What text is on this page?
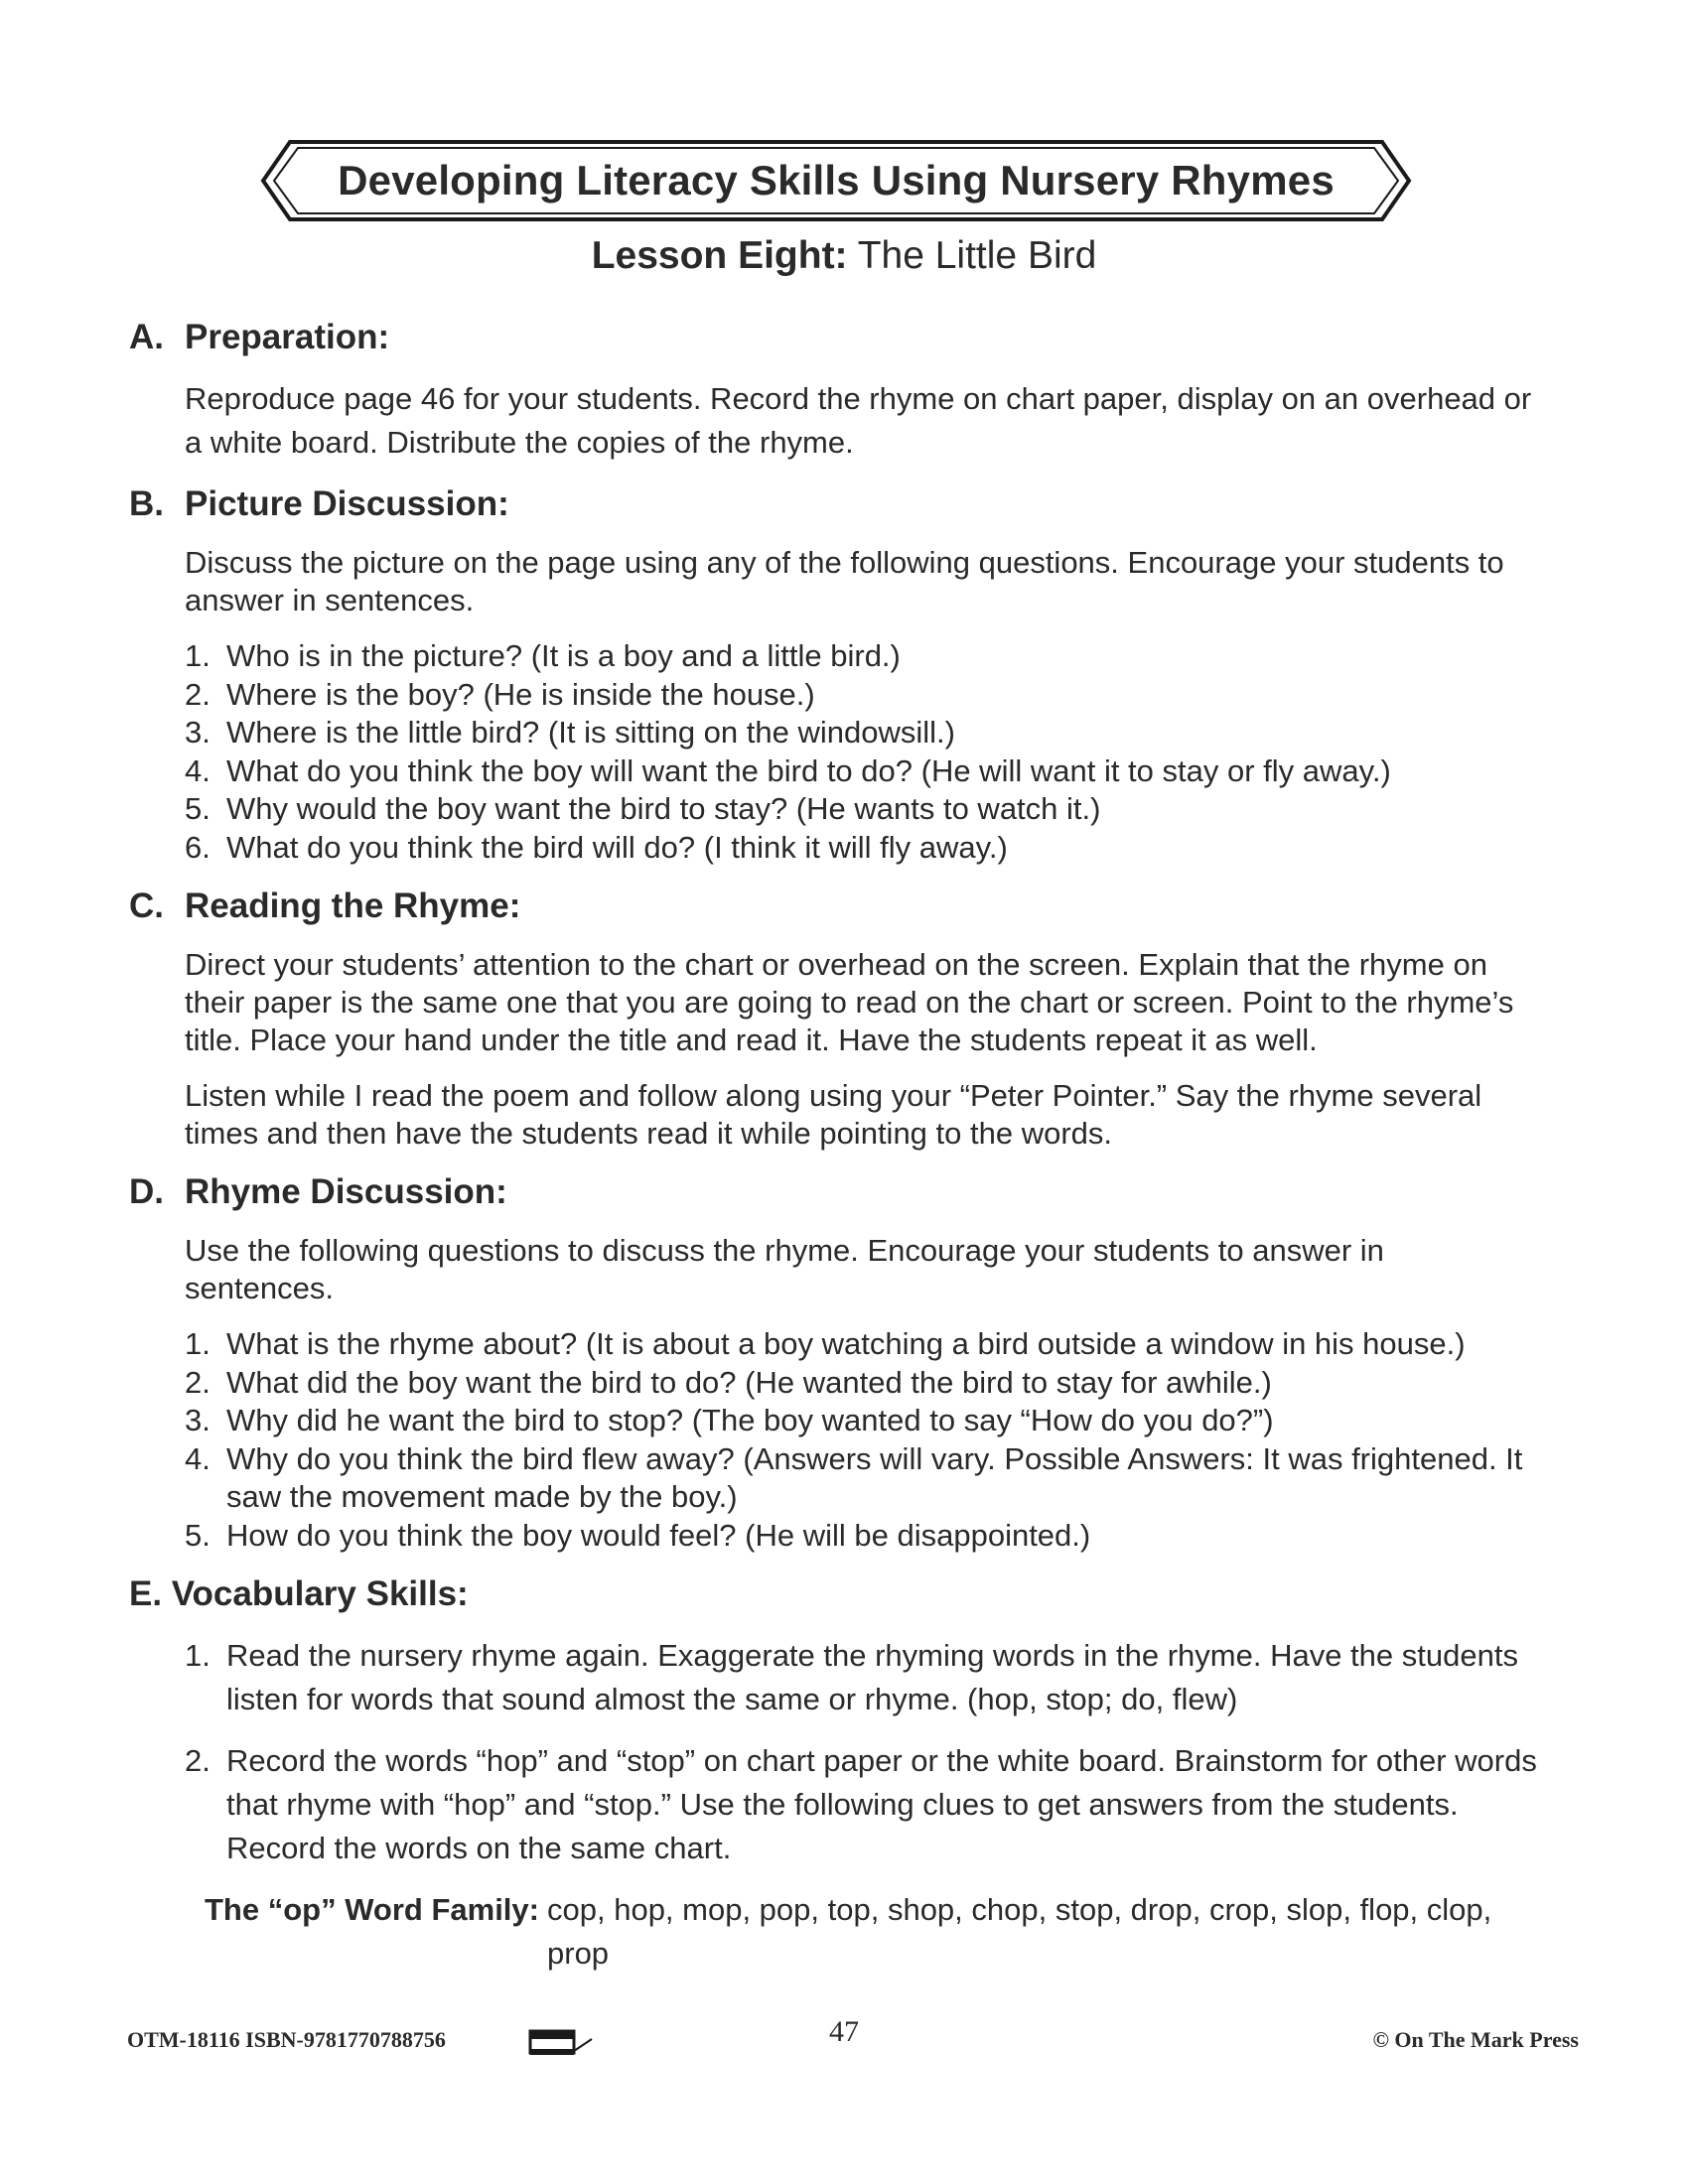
Developing Literacy Skills Using Nursery Rhymes
Lesson Eight: The Little Bird
A. Preparation:

Reproduce page 46 for your students. Record the rhyme on chart paper, display on an overhead or a white board. Distribute the copies of the rhyme.

B. Picture Discussion:

Discuss the picture on the page using any of the following questions. Encourage your students to answer in sentences.

1. Who is in the picture? (It is a boy and a little bird.)
2. Where is the boy? (He is inside the house.)
3. Where is the little bird? (It is sitting on the windowsill.)
4. What do you think the boy will want the bird to do? (He will want it to stay or fly away.)
5. Why would the boy want the bird to stay? (He wants to watch it.)
6. What do you think the bird will do? (I think it will fly away.)
C. Reading the Rhyme:

Direct your students’ attention to the chart or overhead on the screen. Explain that the rhyme on their paper is the same one that you are going to read on the chart or screen. Point to the rhyme’s title. Place your hand under the title and read it. Have the students repeat it as well.

Listen while I read the poem and follow along using your “Peter Pointer.” Say the rhyme several times and then have the students read it while pointing to the words.

D. Rhyme Discussion:

Use the following questions to discuss the rhyme. Encourage your students to answer in sentences.

1. What is the rhyme about? (It is about a boy watching a bird outside a window in his house.)
2. What did the boy want the bird to do? (He wanted the bird to stay for awhile.)
3. Why did he want the bird to stop? (The boy wanted to say “How do you do?”)
4. Why do you think the bird flew away? (Answers will vary. Possible Answers: It was frightened. It saw the movement made by the boy.)
5. How do you think the boy would feel? (He will be disappointed.)
E. Vocabulary Skills:
1. Read the nursery rhyme again. Exaggerate the rhyming words in the rhyme. Have the students listen for words that sound almost the same or rhyme. (hop, stop; do, flew)
2. Record the words “hop” and “stop” on chart paper or the white board. Brainstorm for other words that rhyme with “hop” and “stop.” Use the following clues to get answers from the students. Record the words on the same chart.
The “op” Word Family: cop, hop, mop, pop, top, shop, chop, stop, drop, crop, slop, flop, clop, prop
OTM-18116 ISBN-9781770788756	47	© On The Mark Press
